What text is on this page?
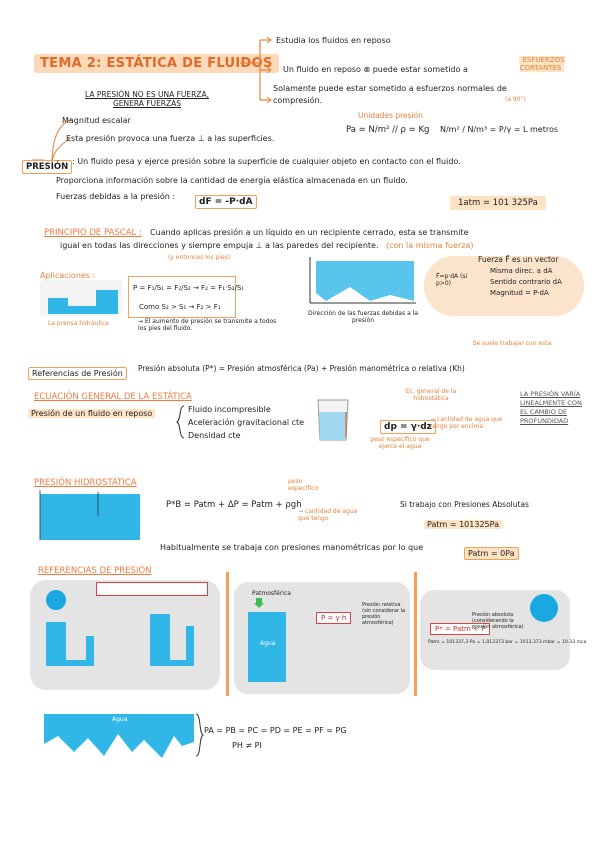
TEMA 2: ESTÁTICA DE FLUIDOS
Estudia los fluidos en reposo
Un fluido en reposo ⊗ puede estar sometido a
ESFUERZOS CORTANTES
Solamente puede estar sometido a esfuerzos normales de
compresión.	(a 90°)
LA PRESIÓN NO ES UNA FUERZA, GENERA FUERZAS
Magnitud escalar
Esta presión provoca una fuerza ⊥ a las superficies.
PRESIÓN
: Un fluido pesa y ejerce presión sobre la superficie de cualquier objeto en contacto con el fluido.
Proporciona información sobre la cantidad de energía elástica almacenada en un fluido.
Fuerzas debidas a la presión :
dF = -P·dA
Unidades presión
Pa = N/m² // ρ = Kg N/m² / N/m³ = P/γ = L metros
1atm = 101 325Pa
PRINCIPIO DE PASCAL : Cuando aplicas presión a un líquido en un recipiente cerrado, esta se transmite
igual en todas las direcciones y siempre empuja ⊥ a las paredes del recipiente. (con la misma fuerza)
(y entonces los pies)
Aplicaciones :
La prensa hidráulica
P = F₁/S₁ = F₂/S₂ → F₂ = F₁·S₂/S₁
Como S₂ > S₁ → F₂ > F₁
→ El aumento de presión se transmite a todos los pies del fluido.
Dirección de las fuerzas debidas a la presión
Fuerza F⃗ es un vector
F⃗=p·dA (si p>0)
Misma direc. a dA
Sentido contrario dA
Magnitud = P·dA
Se suele trabajar con esta
Referencias de Presión
Presión absoluta (P*) = Presión atmosférica (Pa) + Presión manométrica o relativa (Kh)
ECUACIÓN GENERAL DE LA ESTÁTICA
Presión de un fluido en reposo	Fluido incompresible
Aceleración gravitacional cte
Densidad cte
Ec. general de la hidrostática
dp = γ·dz
→ cantidad de agua que tengo por encima
peso específico que ejerce el agua
LA PRESIÓN VARÍA LINEALMENTE CON EL CAMBIO DE PROFUNDIDAD
PRESIÓN HIDROSTÁTICA
P*B = Patm + ΔP = Patm + ρgh
peso específico
→ cantidad de agua que tengo
Si trabajo con Presiones Absolutas
Patm = 101325Pa
Habitualmente se trabaja con presiones manométricas por lo que
Patm = 0Pa
REFERENCIAS DE PRESIÓN
Patmosférica
Agua
P = γ·h
Presión relativa (sin considerar la presión atmosférica)
P* = Patm + P
Presión absoluta (considerando la presión atmosférica)
Patm = 101337,3 Pa = 1,013373 bar = 1013,373 mbar = 10.33 mca
Agua
PA = PB = PC = PD = PE = PF = PG
PH ≠ PI
